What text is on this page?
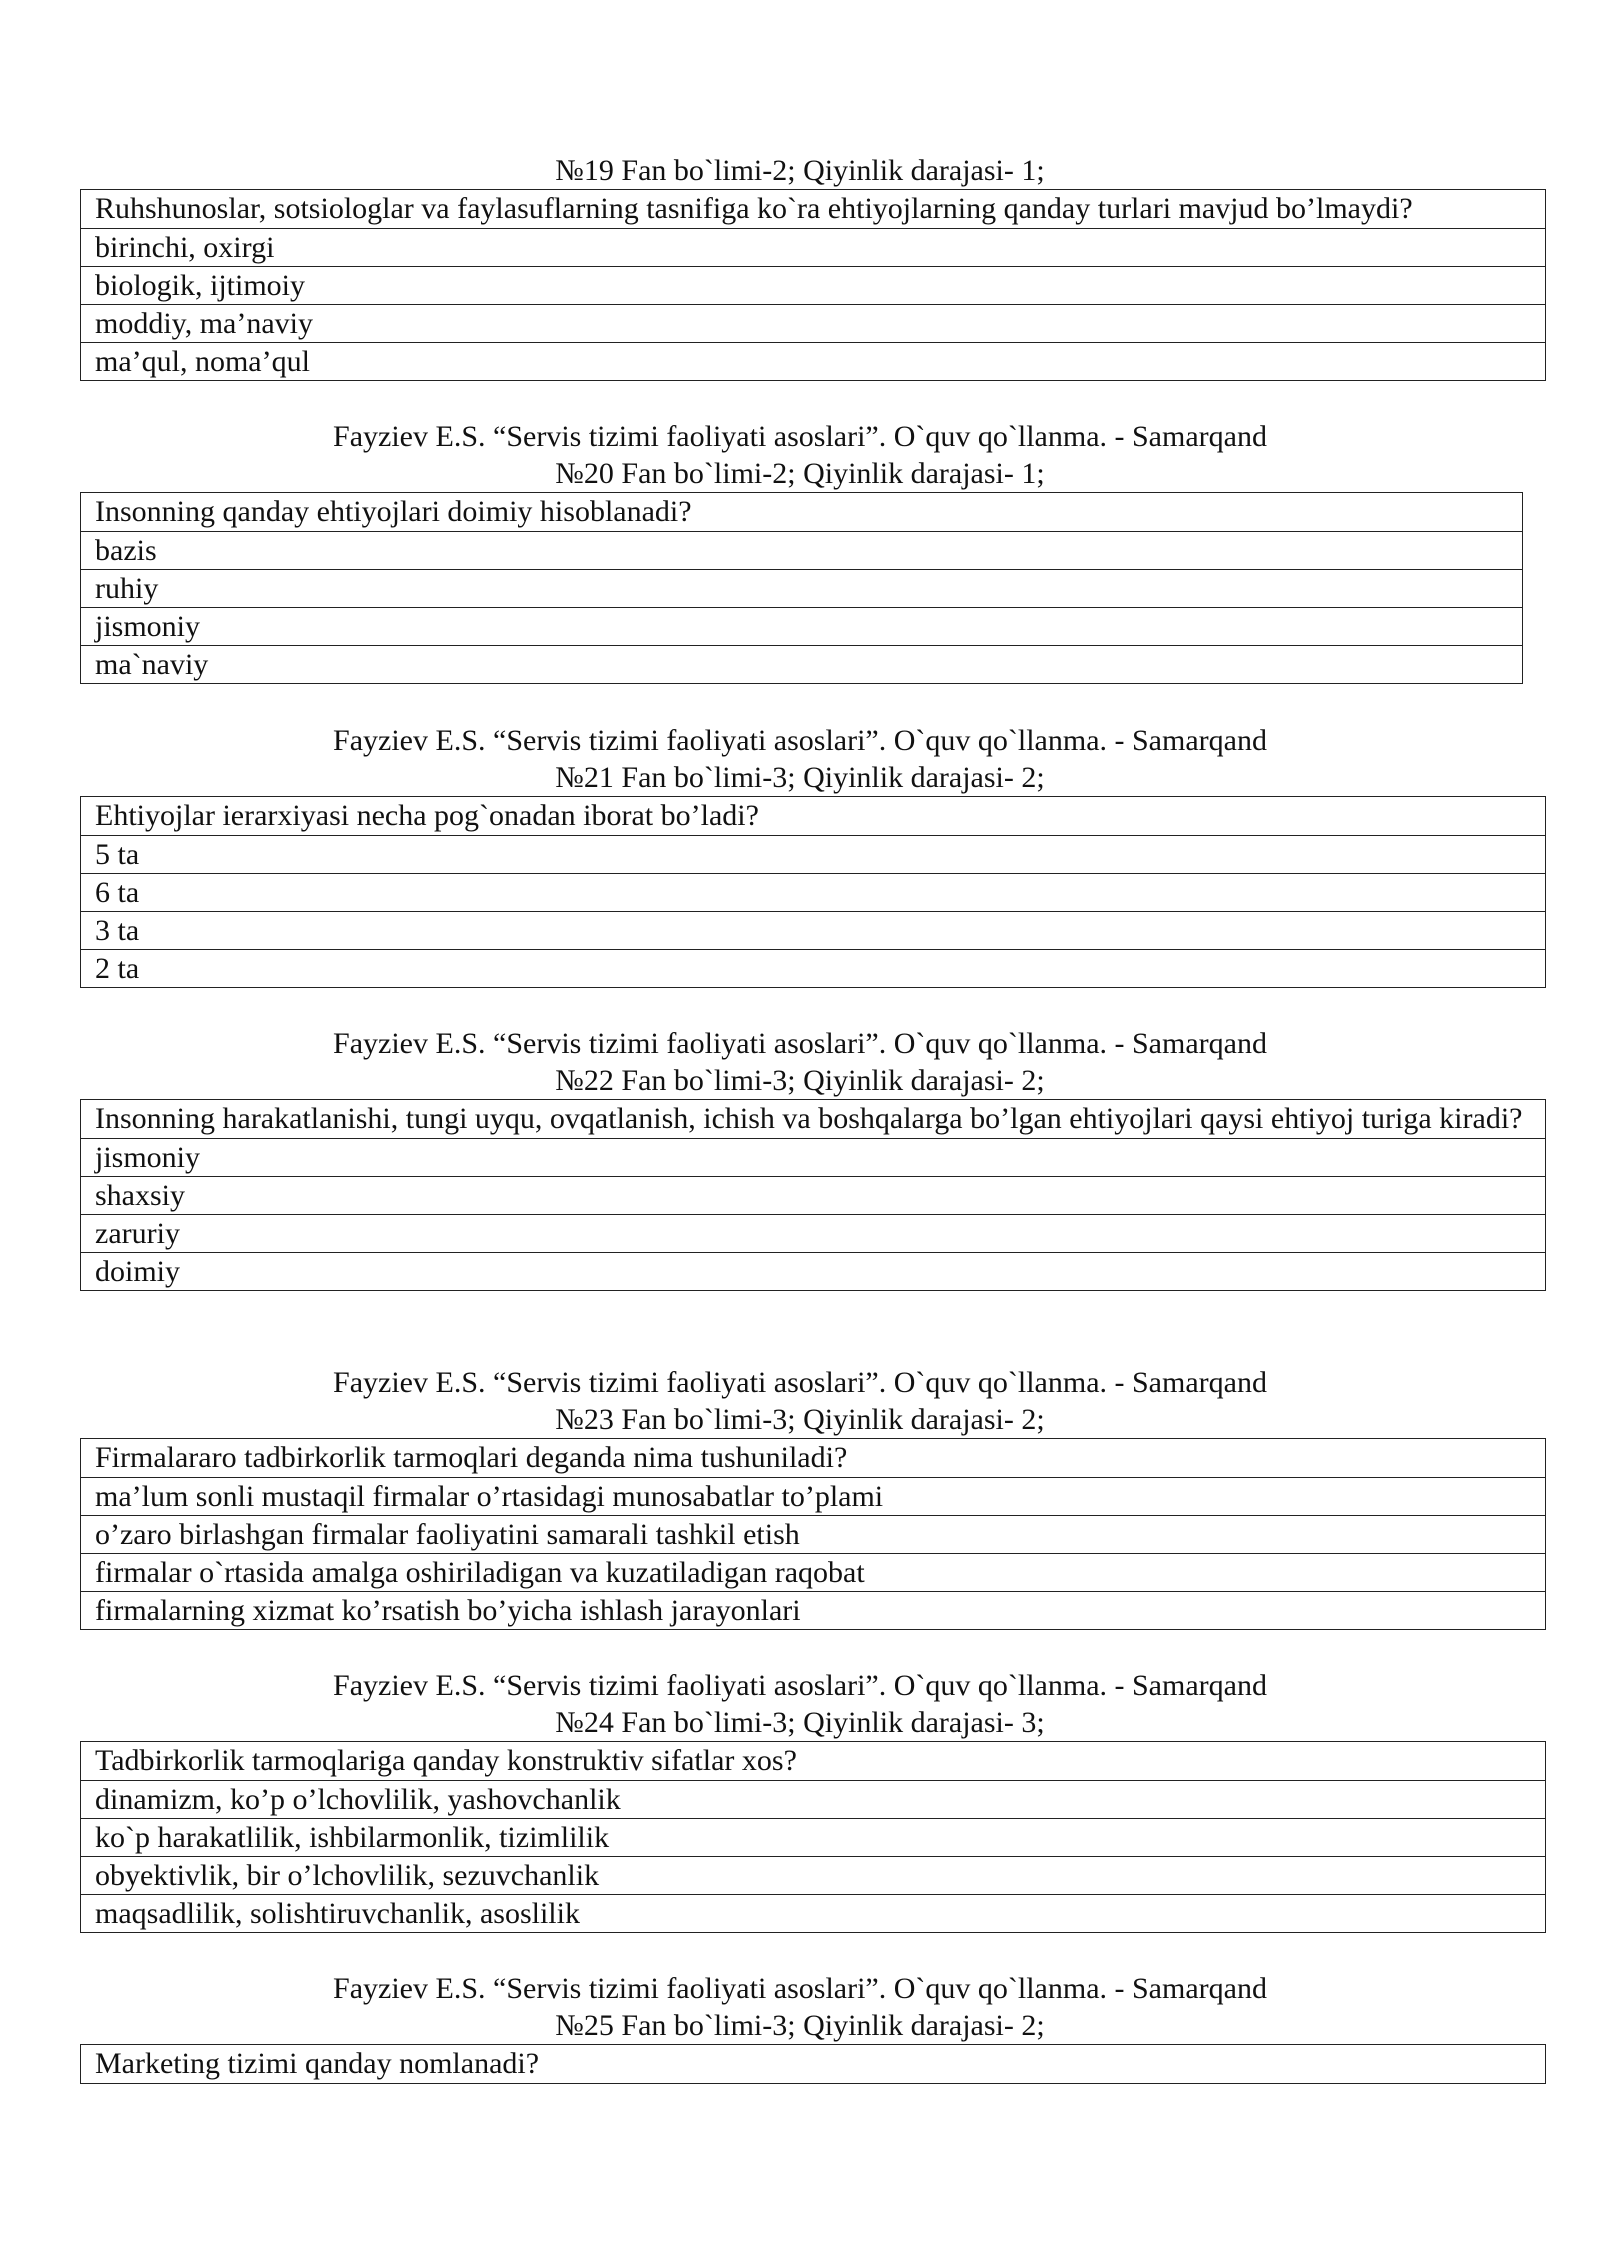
№19 Fan bo`limi-2; Qiyinlik darajasi- 1;
Ruhshunoslar, sotsiologlar va faylasuflarning tasnifiga ko`ra ehtiyojlarning qanday turlari mavjud bo’lmaydi?
birinchi, oxirgi
biologik, ijtimoiy
moddiy, ma’naviy
ma’qul, noma’qul
Fayziev E.S. “Servis tizimi faoliyati asoslari”. O`quv qo`llanma. - Samarqand
№20 Fan bo`limi-2; Qiyinlik darajasi- 1;
Insonning qanday ehtiyojlari doimiy hisoblanadi?
bazis
ruhiy
jismoniy
ma`naviy
Fayziev E.S. “Servis tizimi faoliyati asoslari”. O`quv qo`llanma. - Samarqand
№21 Fan bo`limi-3; Qiyinlik darajasi- 2;
Ehtiyojlar ierarxiyasi necha pog`onadan iborat bo’ladi?
5 ta
6 ta
3 ta
2 ta
Fayziev E.S. “Servis tizimi faoliyati asoslari”. O`quv qo`llanma. - Samarqand
№22 Fan bo`limi-3; Qiyinlik darajasi- 2;
Insonning harakatlanishi, tungi uyqu, ovqatlanish, ichish va boshqalarga bo’lgan ehtiyojlari qaysi ehtiyoj turiga kiradi?
jismoniy
shaxsiy
zaruriy
doimiy
Fayziev E.S. “Servis tizimi faoliyati asoslari”. O`quv qo`llanma. - Samarqand
№23 Fan bo`limi-3; Qiyinlik darajasi- 2;
Firmalararo tadbirkorlik tarmoqlari deganda nima tushuniladi?
ma’lum sonli mustaqil firmalar o’rtasidagi munosabatlar to’plami
o’zaro birlashgan firmalar faoliyatini samarali tashkil etish
firmalar o`rtasida amalga oshiriladigan va kuzatiladigan raqobat
firmalarning xizmat ko’rsatish bo’yicha ishlash jarayonlari
Fayziev E.S. “Servis tizimi faoliyati asoslari”. O`quv qo`llanma. - Samarqand
№24 Fan bo`limi-3; Qiyinlik darajasi- 3;
Tadbirkorlik tarmoqlariga qanday konstruktiv sifatlar xos?
dinamizm, ko’p o’lchovlilik, yashovchanlik
ko`p harakatlilik, ishbilarmonlik, tizimlilik
obyektivlik, bir o’lchovlilik, sezuvchanlik
maqsadlilik, solishtiruvchanlik, asoslilik
Fayziev E.S. “Servis tizimi faoliyati asoslari”. O`quv qo`llanma. - Samarqand
№25 Fan bo`limi-3; Qiyinlik darajasi- 2;
Marketing tizimi qanday nomlanadi?
